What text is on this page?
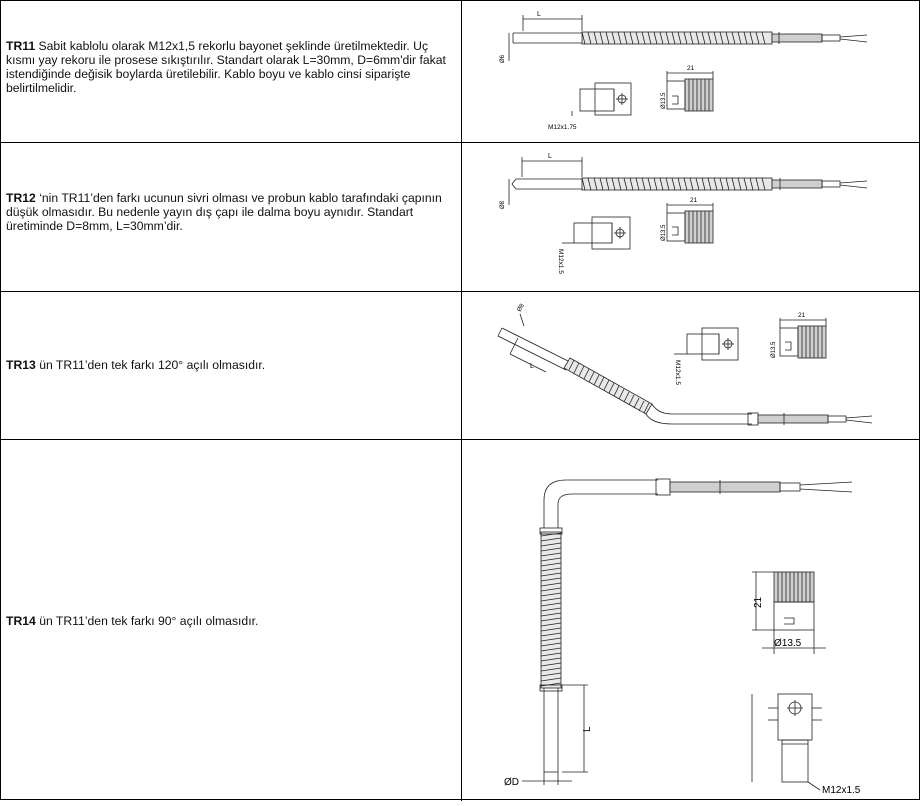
TR11 Sabit kablolu olarak M12x1,5 rekorlu bayonet şeklinde üretilmektedir. Uç kısmı yay rekoru ile prosese sıkıştırılır. Standart olarak L=30mm, D=6mm'dir fakat istendiğinde değisik boylarda üretilebilir. Kablo boyu ve kablo cinsi siparişte belirtilmelidir.
L
Ø6
M12x1.75
21
Ø13.5
TR12 ‘nin TR11’den farkı ucunun sivri olması ve probun kablo tarafındaki çapının düşük olmasıdır. Bu nedenle yayın dış çapı ile dalma boyu aynıdır. Standart üretiminde D=8mm, L=30mm’dir.
L
Ø8
M12x1.5
21
Ø13.5
TR13 ün TR11’den tek farkı 120° açılı olmasıdır.	L
Ø8
M12x1.5
21
Ø13.5
TR14 ün TR11’den tek farkı 90° açılı olmasıdır.
L
ØD
M12x1.5
21
Ø13.5
